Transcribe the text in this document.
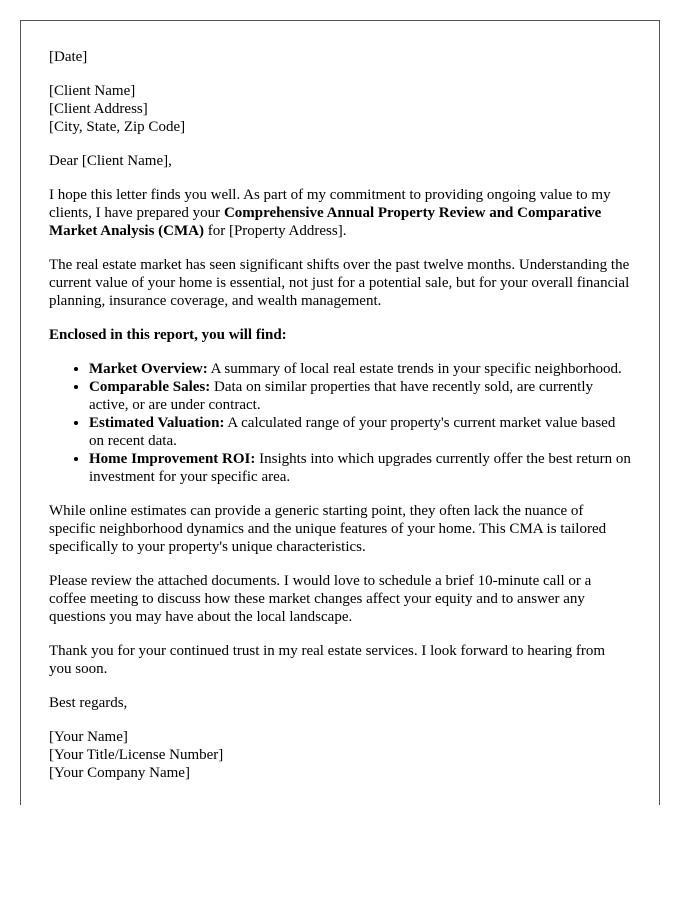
[Date]

[Client Name]
[Client Address]
[City, State, Zip Code]

Dear [Client Name],

I hope this letter finds you well. As part of my commitment to providing ongoing value to my clients, I have prepared your Comprehensive Annual Property Review and Comparative Market Analysis (CMA) for [Property Address].

The real estate market has seen significant shifts over the past twelve months. Understanding the current value of your home is essential, not just for a potential sale, but for your overall financial planning, insurance coverage, and wealth management.

Enclosed in this report, you will find:

• Market Overview: A summary of local real estate trends in your specific neighborhood.
• Comparable Sales: Data on similar properties that have recently sold, are currently active, or are under contract.
• Estimated Valuation: A calculated range of your property's current market value based on recent data.
• Home Improvement ROI: Insights into which upgrades currently offer the best return on investment for your specific area.

While online estimates can provide a generic starting point, they often lack the nuance of specific neighborhood dynamics and the unique features of your home. This CMA is tailored specifically to your property's unique characteristics.

Please review the attached documents. I would love to schedule a brief 10-minute call or a coffee meeting to discuss how these market changes affect your equity and to answer any questions you may have about the local landscape.

Thank you for your continued trust in my real estate services. I look forward to hearing from you soon.

Best regards,

[Your Name]

[Your Title/License Number]

[Your Company Name]
